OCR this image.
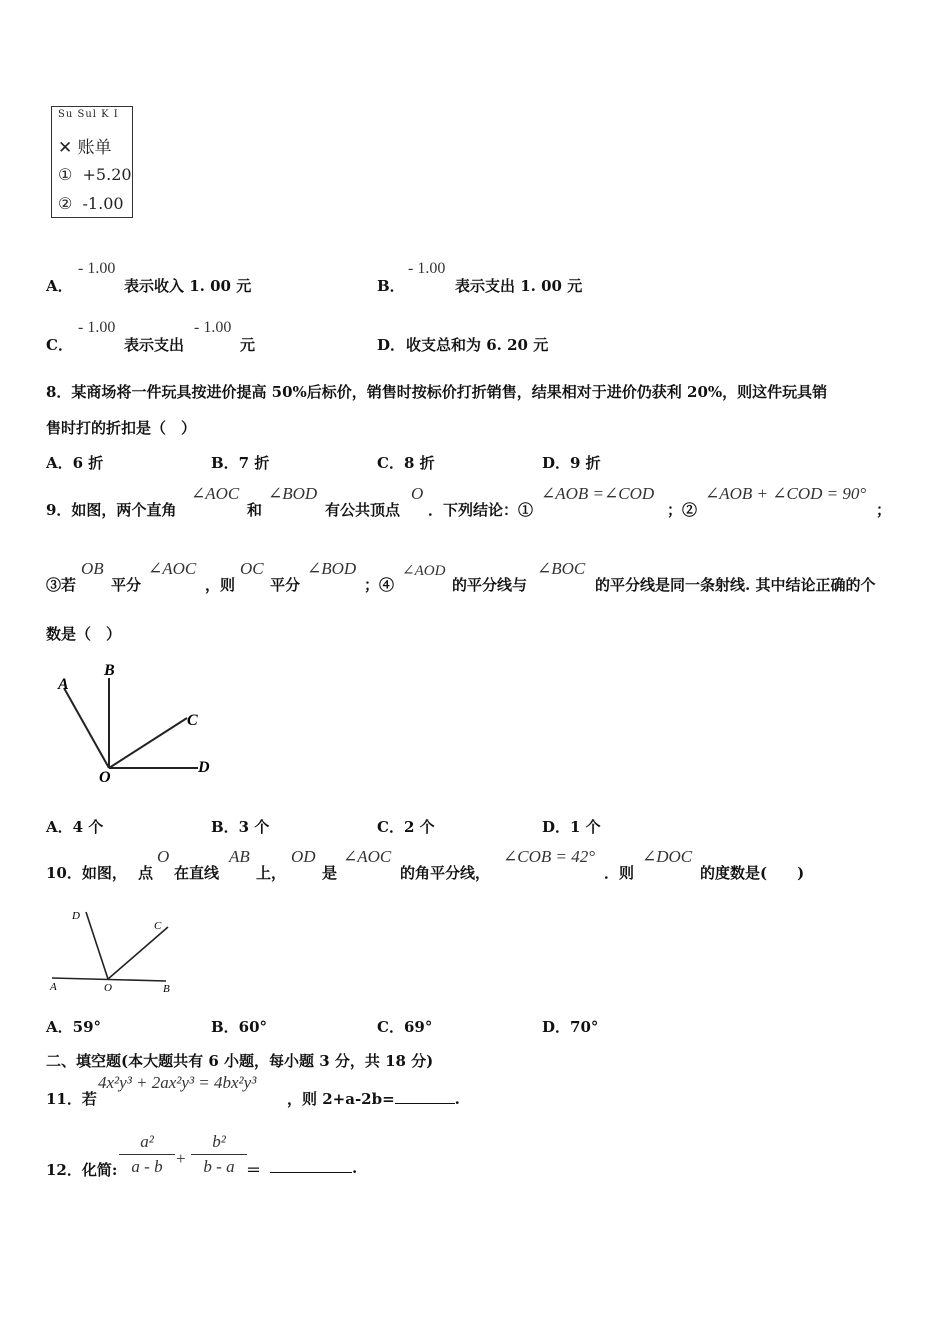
Su Sul K I
✕ 账单
① +5.20
② -1.00
A．
- 1.00
表示收入 1. 00 元	B．
- 1.00
表示支出 1. 00 元
C．
- 1.00
表示支出
- 1.00
元	D． 收支总和为 6. 20 元
8．某商场将一件玩具按进价提高 50%后标价，销售时按标价打折销售，结果相对于进价仍获利 20%，则这件玩具销
售时打的折扣是（　）
A．6 折	B．7 折	C．8 折	D．9 折
9．如图，两个直角
∠AOC
和
∠BOD
有公共顶点
O
．下列结论：①
∠AOB =∠COD
；②
∠AOB + ∠COD = 90°
；
③若
OB
平分
∠AOC
，则
OC
平分
∠BOD
；④
∠AOD
的平分线与
∠BOC
的平分线是同一条射线. 其中结论正确的个
数是（　）
A
B
C
D
O
A．4 个	B．3 个	C．2 个	D．1 个
10．如图， 点
O
在直线
AB
上，
OD
是
∠AOC
的角平分线，
∠COB = 42°
．则
∠DOC
的度数是(　　)
D
C
A	O	B
A．59°	B．60°	C．69°	D．70°
二、填空题(本大题共有 6 小题，每小题 3 分，共 18 分)
11．若
4x²y³ + 2ax²y³ = 4bx²y³
，则 2+a-2b=	.
12．化简:
a²
a - b +
b²
b - a ＝	.
